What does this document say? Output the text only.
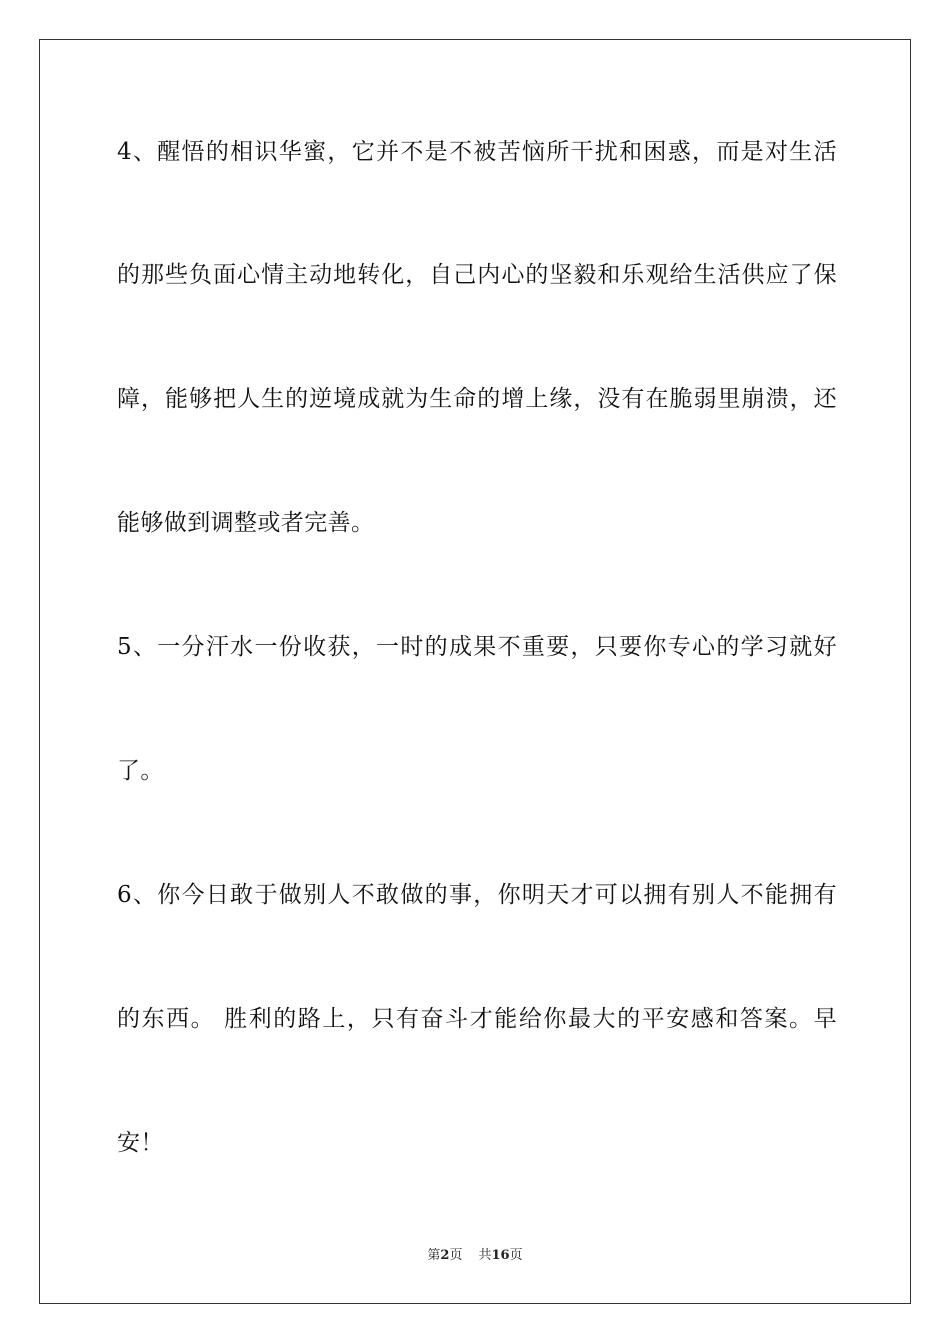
4、醒悟的相识华蜜，它并不是不被苦恼所干扰和困惑，而是对生活
的那些负面心情主动地转化，自己内心的坚毅和乐观给生活供应了保
障，能够把人生的逆境成就为生命的增上缘，没有在脆弱里崩溃，还
能够做到调整或者完善。
5、一分汗水一份收获，一时的成果不重要，只要你专心的学习就好
了。
6、你今日敢于做别人不敢做的事，你明天才可以拥有别人不能拥有
的东西。 胜利的路上，只有奋斗才能给你最大的平安感和答案。早
安！
第2页 共16页
